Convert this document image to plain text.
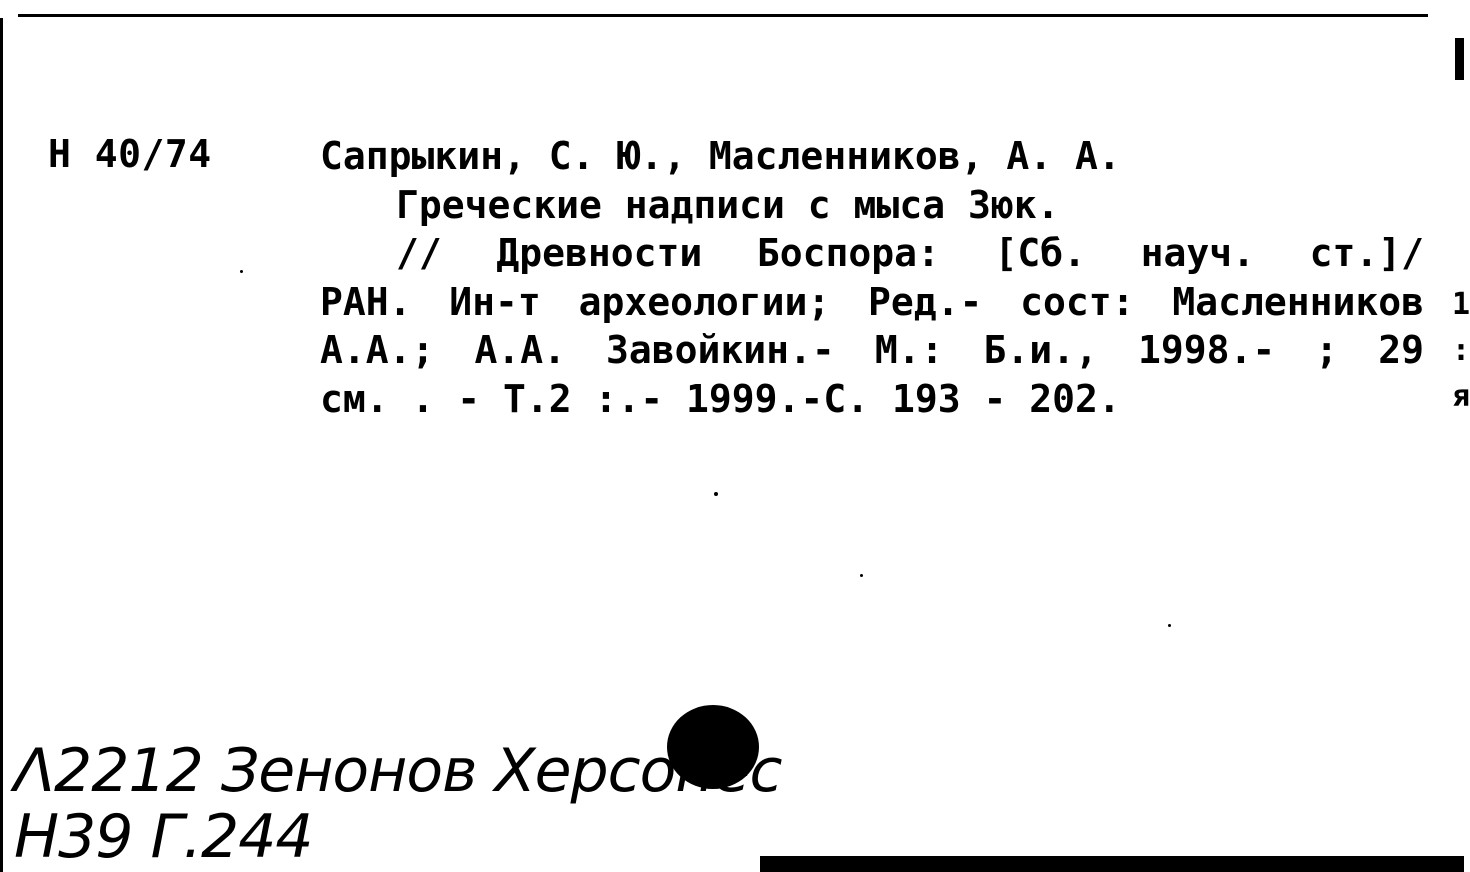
Н 40/74	Сапрыкин, С. Ю., Масленников, А. А.
Греческие надписи с мыса Зюк.
// Древности Боспора: [Сб. науч. ст.]/
РАН. Ин-т археологии; Ред.- сост: Масленников
А.А.; А.А. Завойкин.- М.: Б.и., 1998.- ; 29
см. . - Т.2 :.- 1999.-С. 193 - 202.
1
:
я
Λ2212 Зенонов Херсонес
Н39 Г.244
